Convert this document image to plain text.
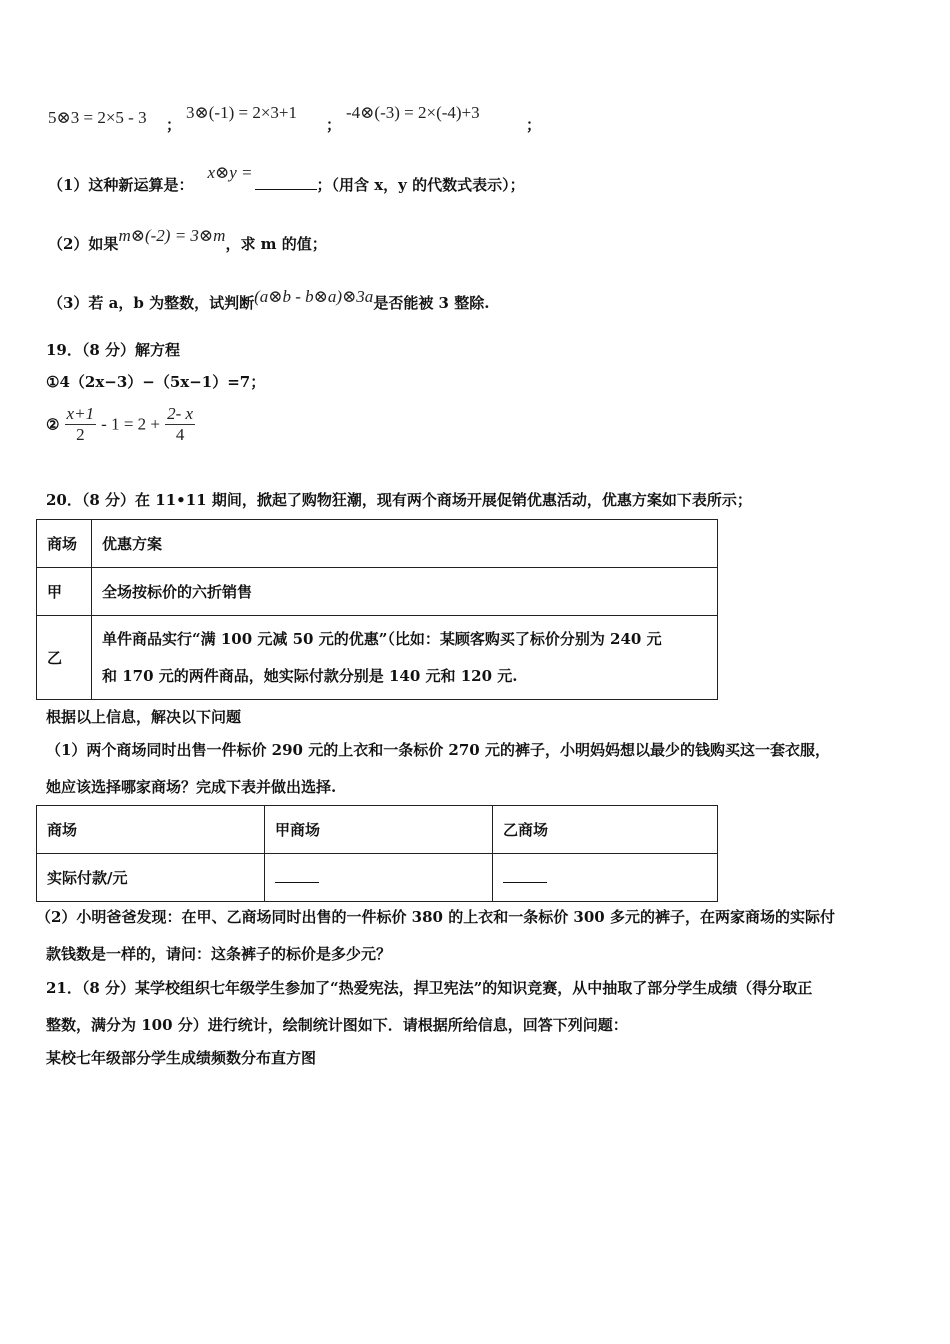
5⊗3 = 2×5 - 3 ；
3⊗(-1) = 2×3+1
；
-4⊗(-3) = 2×(-4)+3
；
（1）这种新运算是：x⊗y =；（用含 x，y 的代数式表示）；
（2）如果m⊗(-2) = 3⊗m，求 m 的值；
（3）若 a，b 为整数，试判断(a⊗b - b⊗a)⊗3a是否能被 3 整除.
19．（8 分）解方程
①4（2x−3）−（5x−1）=7；
② $\frac{x+1}{2} - 1 = 2 + \frac{2- x}{4}$
20．（8 分）在 11•11 期间，掀起了购物狂潮，现有两个商场开展促销优惠活动，优惠方案如下表所示；
商场	优惠方案
甲	全场按标价的六折销售
乙	单件商品实行“满 100 元减 50 元的优惠”（比如：某顾客购买了标价分别为 240 元
和 170 元的两件商品，她实际付款分别是 140 元和 120 元.
根据以上信息，解决以下问题
（1）两个商场同时出售一件标价 290 元的上衣和一条标价 270 元的裤子，小明妈妈想以最少的钱购买这一套衣服，
她应该选择哪家商场？完成下表并做出选择.
商场	甲商场	乙商场
实际付款/元		
（2）小明爸爸发现：在甲、乙商场同时出售的一件标价 380 的上衣和一条标价 300 多元的裤子，在两家商场的实际付
款钱数是一样的，请问：这条裤子的标价是多少元？
21．（8 分）某学校组织七年级学生参加了“热爱宪法，捍卫宪法”的知识竞赛，从中抽取了部分学生成绩（得分取正
整数，满分为 100 分）进行统计，绘制统计图如下．请根据所给信息，回答下列问题：
某校七年级部分学生成绩频数分布直方图
